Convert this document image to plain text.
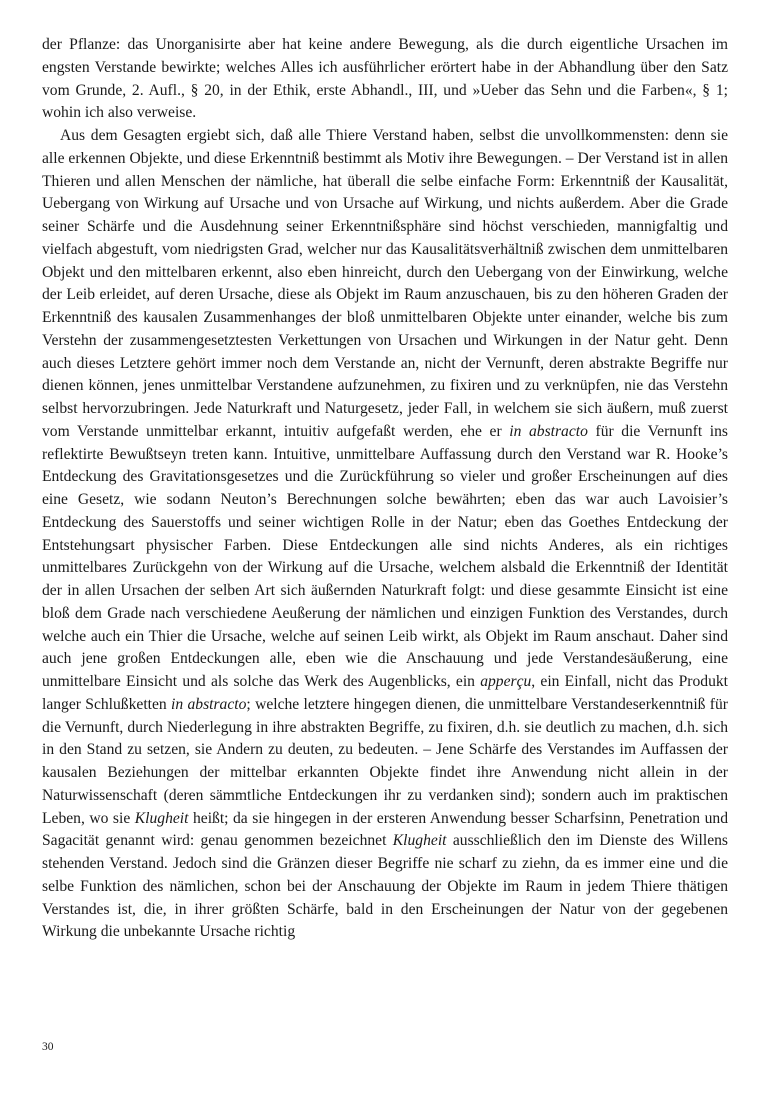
der Pflanze: das Unorganisirte aber hat keine andere Bewegung, als die durch eigentliche Ursachen im engsten Verstande bewirkte; welches Alles ich ausführlicher erörtert habe in der Abhandlung über den Satz vom Grunde, 2. Aufl., § 20, in der Ethik, erste Abhandl., III, und »Ueber das Sehn und die Farben«, § 1; wohin ich also verweise.

Aus dem Gesagten ergiebt sich, daß alle Thiere Verstand haben, selbst die unvollkommensten: denn sie alle erkennen Objekte, und diese Erkenntniß bestimmt als Motiv ihre Bewegungen. – Der Verstand ist in allen Thieren und allen Menschen der nämliche, hat überall die selbe einfache Form: Erkenntniß der Kausalität, Uebergang von Wirkung auf Ursache und von Ursache auf Wirkung, und nichts außerdem. Aber die Grade seiner Schärfe und die Ausdehnung seiner Erkenntnißsphäre sind höchst verschieden, mannigfaltig und vielfach abgestuft, vom niedrigsten Grad, welcher nur das Kausalitätsverhältniß zwischen dem unmittelbaren Objekt und den mittelbaren erkennt, also eben hinreicht, durch den Uebergang von der Einwirkung, welche der Leib erleidet, auf deren Ursache, diese als Objekt im Raum anzuschauen, bis zu den höheren Graden der Erkenntniß des kausalen Zusammenhanges der bloß unmittelbaren Objekte unter einander, welche bis zum Verstehn der zusammengesetztesten Verkettungen von Ursachen und Wirkungen in der Natur geht. Denn auch dieses Letztere gehört immer noch dem Verstande an, nicht der Vernunft, deren abstrakte Begriffe nur dienen können, jenes unmittelbar Verstandene aufzunehmen, zu fixiren und zu verknüpfen, nie das Verstehn selbst hervorzubringen. Jede Naturkraft und Naturgesetz, jeder Fall, in welchem sie sich äußern, muß zuerst vom Verstande unmittelbar erkannt, intuitiv aufgefaßt werden, ehe er in abstracto für die Vernunft ins reflektirte Bewußtseyn treten kann. Intuitive, unmittelbare Auffassung durch den Verstand war R. Hooke’s Entdeckung des Gravitationsgesetzes und die Zurückführung so vieler und großer Erscheinungen auf dies eine Gesetz, wie sodann Neuton’s Berechnungen solche bewährten; eben das war auch Lavoisier’s Entdeckung des Sauerstoffs und seiner wichtigen Rolle in der Natur; eben das Goethes Entdeckung der Entstehungsart physischer Farben. Diese Entdeckungen alle sind nichts Anderes, als ein richtiges unmittelbares Zurückgehn von der Wirkung auf die Ursache, welchem alsbald die Erkenntniß der Identität der in allen Ursachen der selben Art sich äußernden Naturkraft folgt: und diese gesammte Einsicht ist eine bloß dem Grade nach verschiedene Aeußerung der nämlichen und einzigen Funktion des Verstandes, durch welche auch ein Thier die Ursache, welche auf seinen Leib wirkt, als Objekt im Raum anschaut. Daher sind auch jene großen Entdeckungen alle, eben wie die Anschauung und jede Verstandesäußerung, eine unmittelbare Einsicht und als solche das Werk des Augenblicks, ein apperçu, ein Einfall, nicht das Produkt langer Schlußketten in abstracto; welche letztere hingegen dienen, die unmittelbare Verstandeserkenntniß für die Vernunft, durch Niederlegung in ihre abstrakten Begriffe, zu fixiren, d.h. sie deutlich zu machen, d.h. sich in den Stand zu setzen, sie Andern zu deuten, zu bedeuten. – Jene Schärfe des Verstandes im Auffassen der kausalen Beziehungen der mittelbar erkannten Objekte findet ihre Anwendung nicht allein in der Naturwissenschaft (deren sämmtliche Entdeckungen ihr zu verdanken sind); sondern auch im praktischen Leben, wo sie Klugheit heißt; da sie hingegen in der ersteren Anwendung besser Scharfsinn, Penetration und Sagacität genannt wird: genau genommen bezeichnet Klugheit ausschließlich den im Dienste des Willens stehenden Verstand. Jedoch sind die Gränzen dieser Begriffe nie scharf zu ziehn, da es immer eine und die selbe Funktion des nämlichen, schon bei der Anschauung der Objekte im Raum in jedem Thiere thätigen Verstandes ist, die, in ihrer größten Schärfe, bald in den Erscheinungen der Natur von der gegebenen Wirkung die unbekannte Ursache richtig

30
